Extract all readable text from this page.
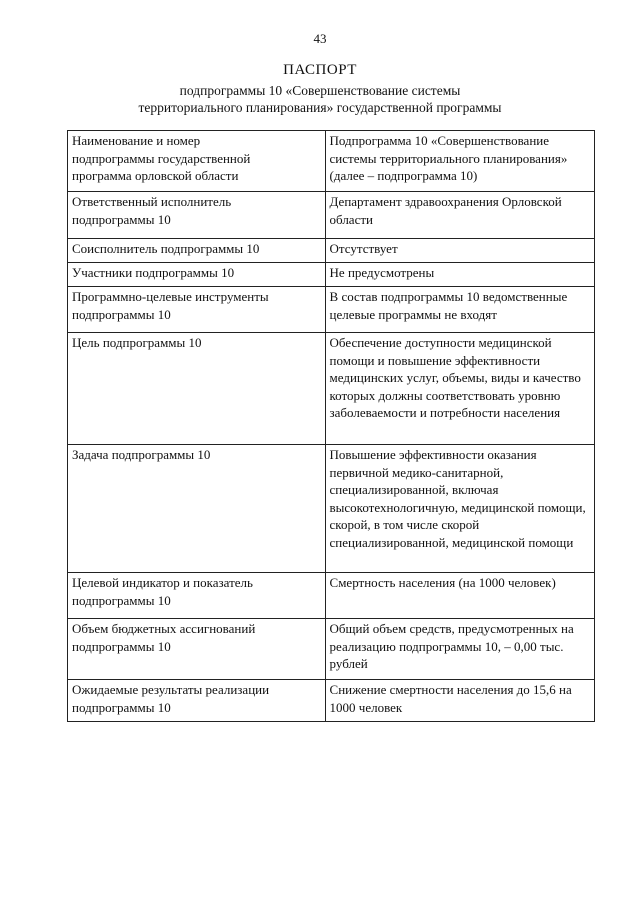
43
ПАСПОРТ
подпрограммы 10 «Совершенствование системы
территориального планирования» государственной программы
Наименование и номер подпрограммы государственной программа орловской области	Подпрограмма 10 «Совершенствование системы территориального планирования» (далее – подпрограмма 10)
Ответственный исполнитель подпрограммы 10	Департамент здравоохранения Орловской области
Соисполнитель подпрограммы 10	Отсутствует
Участники подпрограммы 10	Не предусмотрены
Программно-целевые инструменты подпрограммы 10	В состав подпрограммы 10 ведомственные целевые программы не входят
Цель подпрограммы 10	Обеспечение доступности медицинской помощи и повышение эффективности медицинских услуг, объемы, виды и качество которых должны соответствовать уровню заболеваемости и потребности населения
Задача подпрограммы 10	Повышение эффективности оказания первичной медико-санитарной, специализированной, включая высокотехнологичную, медицинской помощи, скорой, в том числе скорой специализированной, медицинской помощи
Целевой индикатор и показатель подпрограммы 10	Смертность населения (на 1000 человек)
Объем бюджетных ассигнований подпрограммы 10	Общий объем средств, предусмотренных на реализацию подпрограммы 10, – 0,00 тыс. рублей
Ожидаемые результаты реализации подпрограммы 10	Снижение смертности населения до 15,6 на 1000 человек
